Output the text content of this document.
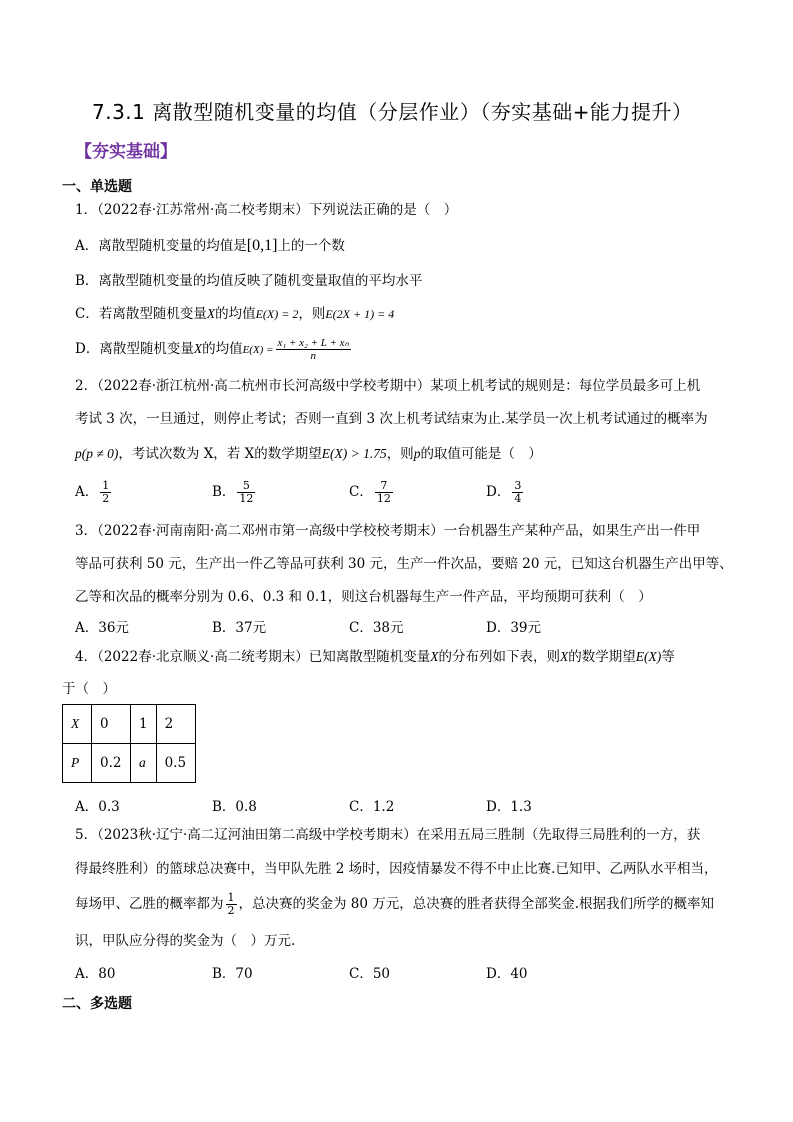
7.3.1 离散型随机变量的均值（分层作业）（夯实基础+能力提升）
【夯实基础】
一、单选题
1．（2022春·江苏常州·高二校考期末）下列说法正确的是（　）
A．离散型随机变量的均值是[0,1]上的一个数
B．离散型随机变量的均值反映了随机变量取值的平均水平
C．若离散型随机变量X的均值E(X) = 2，则E(2X + 1) = 4
D．离散型随机变量X的均值$E(X) = \frac{\text{x₁ + x₂ + L + xₙ}}{n}$
2．（2022春·浙江杭州·高二杭州市长河高级中学校考期中）某项上机考试的规则是：每位学员最多可上机
考试 3 次，一旦通过，则停止考试；否则一直到 3 次上机考试结束为止.某学员一次上机考试通过的概率为
p(p ≠ 0)，考试次数为 X，若 X的数学期望E(X) > 1.75，则p的取值可能是（　）
A． $\frac{1}{2}$	B． $\frac{5}{12}$	C． $\frac{7}{12}$	D． $\frac{3}{4}$
3．（2022春·河南南阳·高二邓州市第一高级中学校校考期末）一台机器生产某种产品，如果生产出一件甲
等品可获利 50 元，生产出一件乙等品可获利 30 元，生产一件次品，要赔 20 元，已知这台机器生产出甲等、
乙等和次品的概率分别为 0.6、0.3 和 0.1，则这台机器每生产一件产品，平均预期可获利（　）
A．36元	B．37元	C．38元	D．39元
4．（2022春·北京顺义·高二统考期末）已知离散型随机变量X的分布列如下表，则X的数学期望E(X)等
于（　）
X	0	1	2
P	0.2	a	0.5
A．0.3	B．0.8	C．1.2	D．1.3
5．（2023秋·辽宁·高二辽河油田第二高级中学校考期末）在采用五局三胜制（先取得三局胜利的一方，获
得最终胜利）的篮球总决赛中，当甲队先胜 2 场时，因疫情暴发不得不中止比赛.已知甲、乙两队水平相当，
每场甲、乙胜的概率都为 $\frac{1}{2}$ ，总决赛的奖金为 80 万元，总决赛的胜者获得全部奖金.根据我们所学的概率知
识，甲队应分得的奖金为（　）万元.
A．80	B．70	C．50	D．40
二、多选题
